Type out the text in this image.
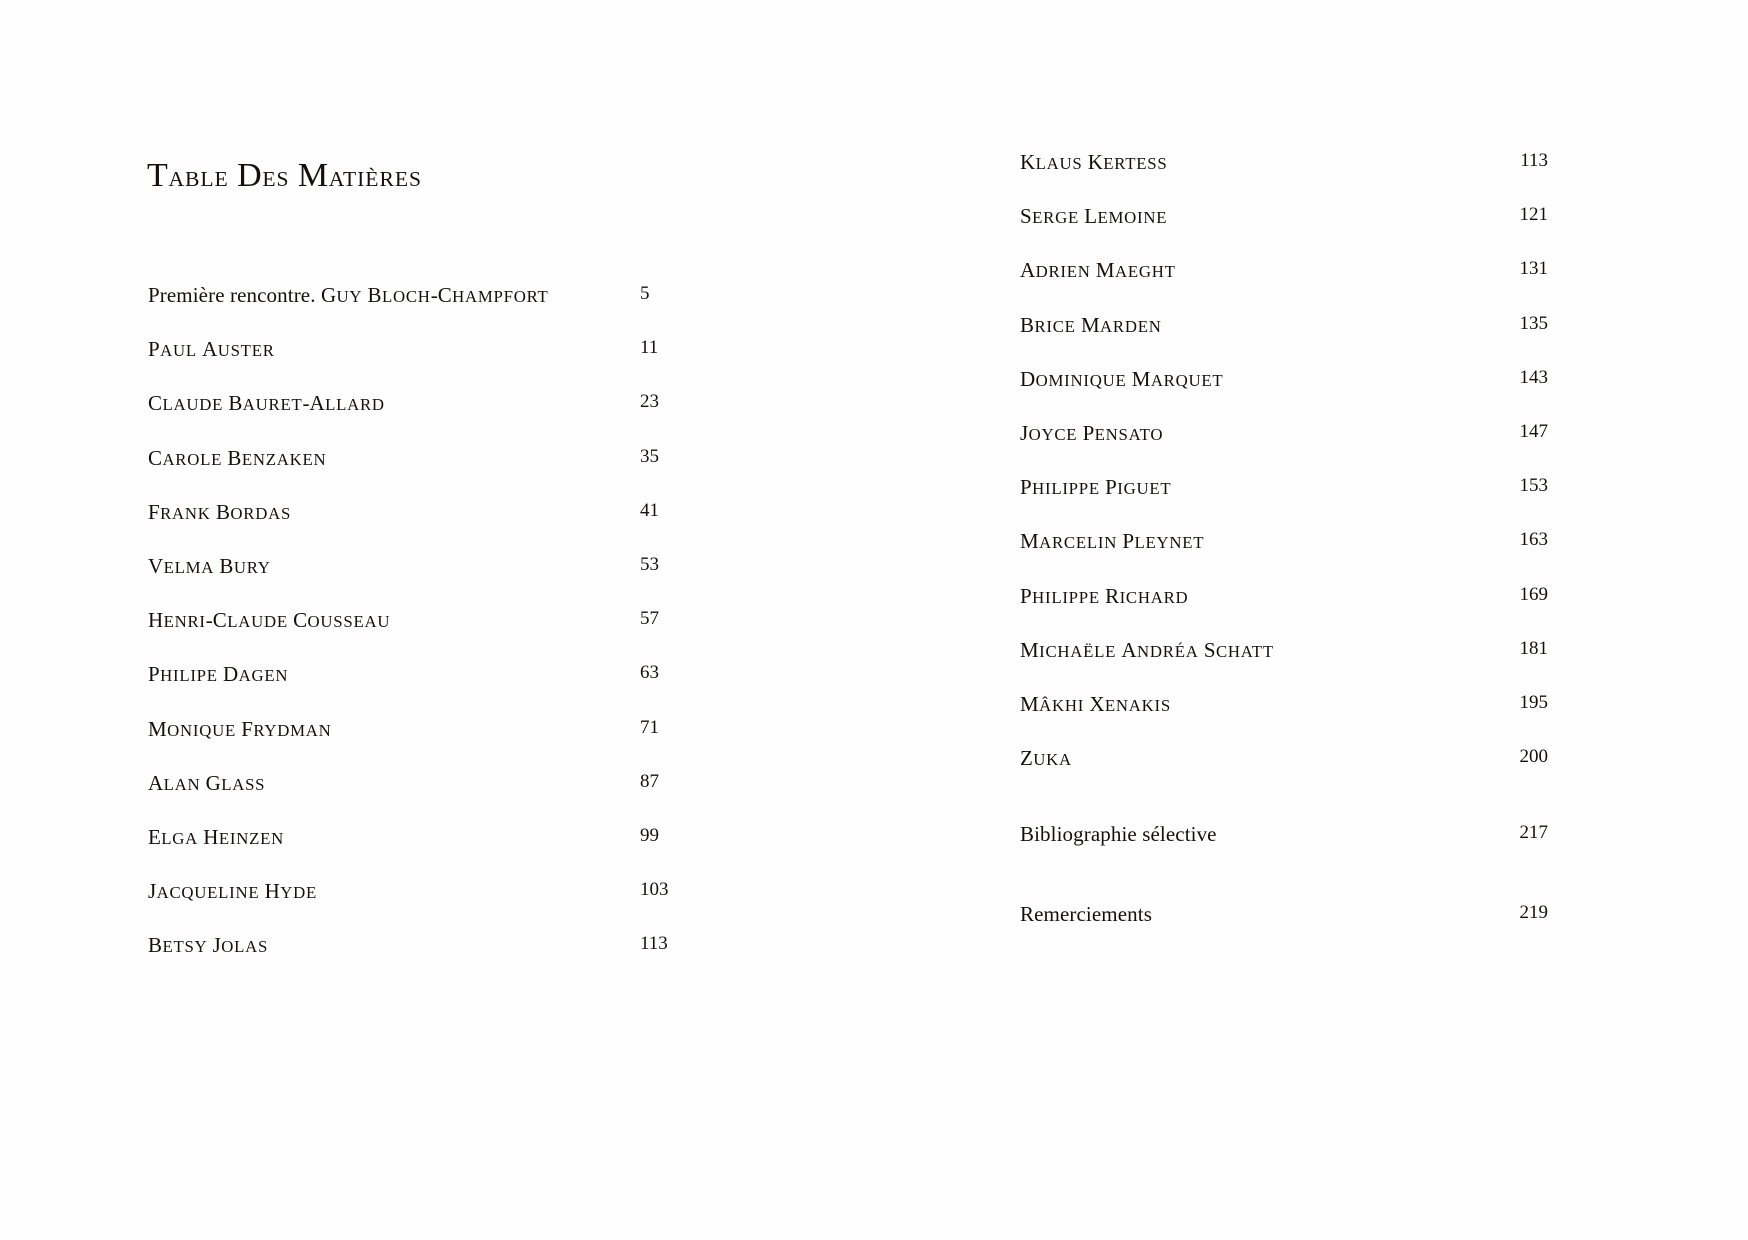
TABLE DES MATIÈRES
Première rencontre. GUY BLOCH-CHAMPFORT	5
PAUL AUSTER	11
CLAUDE BAURET-ALLARD	23
CAROLE BENZAKEN	35
FRANK BORDAS	41
VELMA BURY	53
HENRI-CLAUDE COUSSEAU	57
PHILIPE DAGEN	63
MONIQUE FRYDMAN	71
ALAN GLASS	87
ELGA HEINZEN	99
JACQUELINE HYDE	103
BETSY JOLAS	113
KLAUS KERTESS	113
SERGE LEMOINE	121
ADRIEN MAEGHT	131
BRICE MARDEN	135
DOMINIQUE MARQUET	143
JOYCE PENSATO	147
PHILIPPE PIGUET	153
MARCELIN PLEYNET	163
PHILIPPE RICHARD	169
MICHAËLE ANDRÉA SCHATT	181
MÂKHI XENAKIS	195
ZUKA	200
Bibliographie sélective	217
Remerciements	219
